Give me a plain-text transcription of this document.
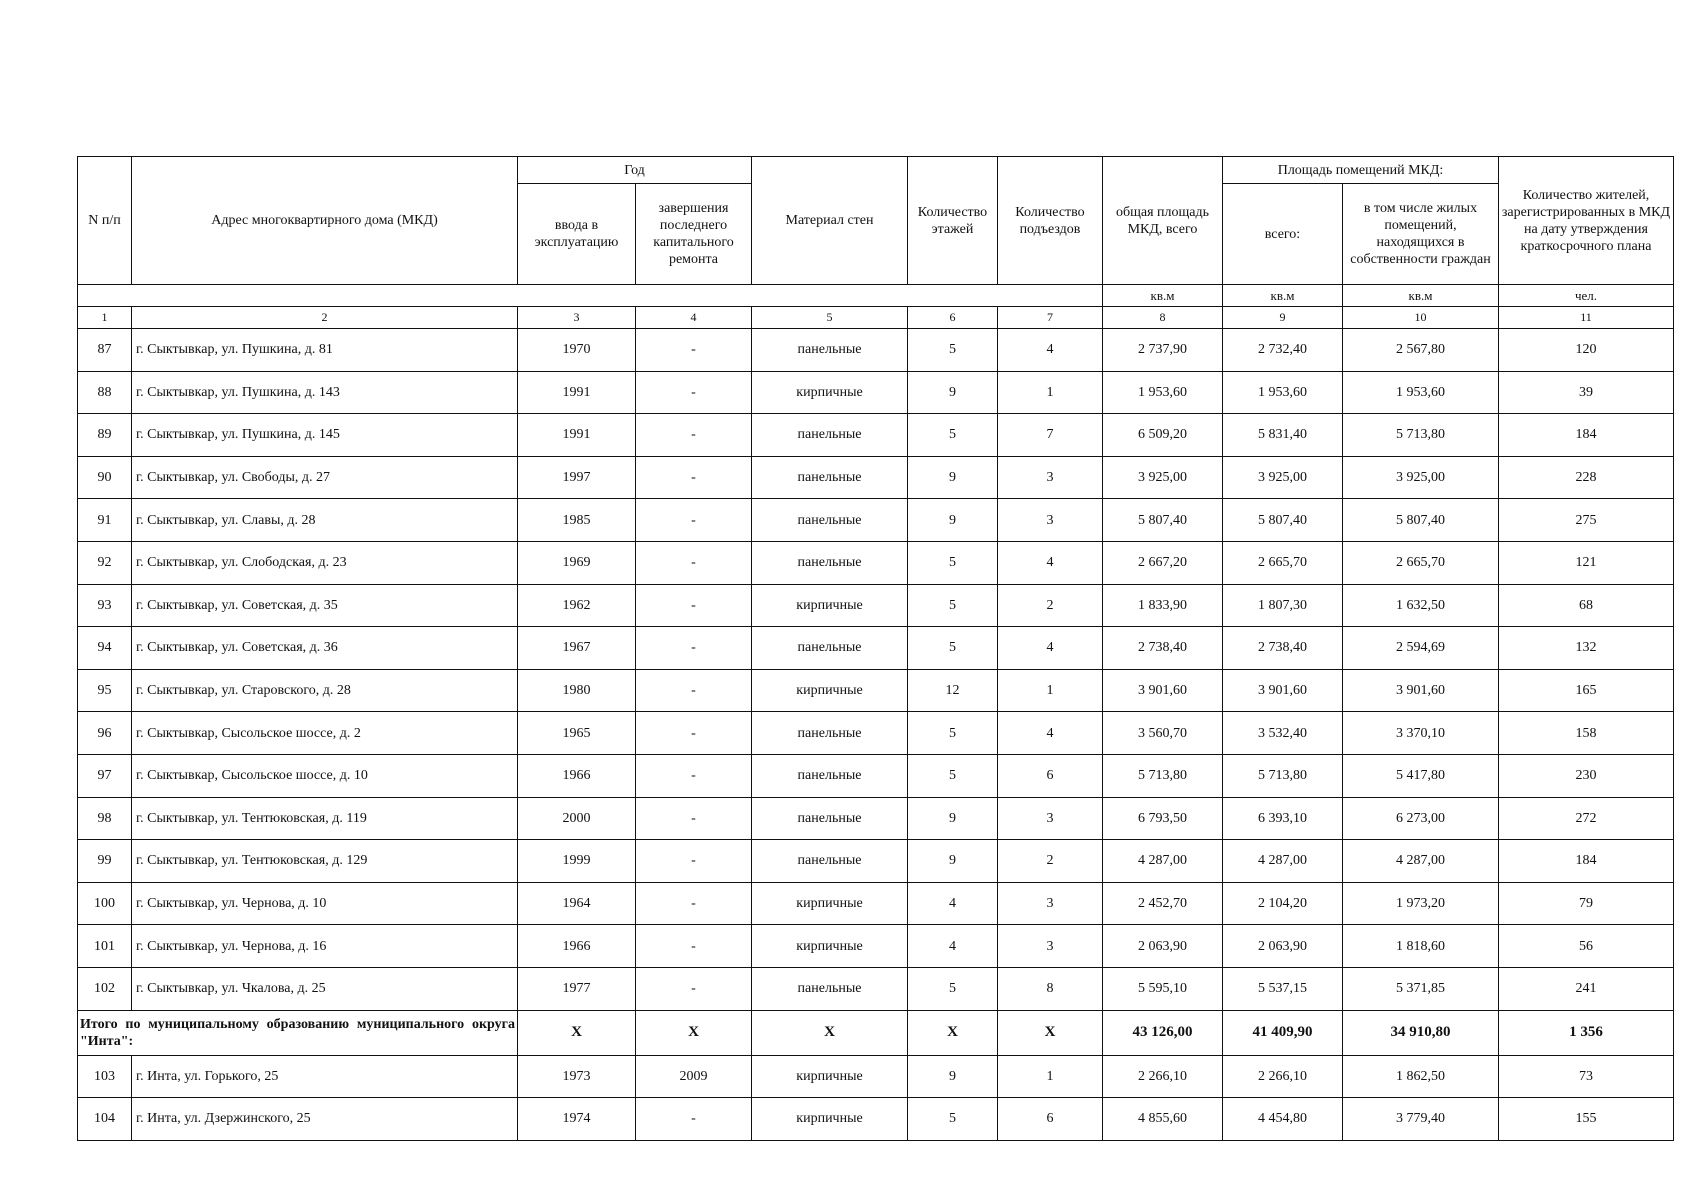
N п/п	Адрес многоквартирного дома (МКД)	Год		Материал стен	Количество этажей	Количество подъездов	общая площадь МКД, всего	Площадь помещений МКД:		Количество жителей, зарегистрированных в МКД на дату утверждения краткосрочного плана
		ввода в эксплуатацию	завершения последнего капитального ремонта					всего:	в том числе жилых помещений, находящихся в собственности граждан	
							кв.м	кв.м	кв.м	чел.
1	2	3	4	5	6	7	8	9	10	11
87	г. Сыктывкар, ул. Пушкина, д. 81	1970	-	панельные	5	4	2 737,90	2 732,40	2 567,80	120
88	г. Сыктывкар, ул. Пушкина, д. 143	1991	-	кирпичные	9	1	1 953,60	1 953,60	1 953,60	39
89	г. Сыктывкар, ул. Пушкина, д. 145	1991	-	панельные	5	7	6 509,20	5 831,40	5 713,80	184
90	г. Сыктывкар, ул. Свободы, д. 27	1997	-	панельные	9	3	3 925,00	3 925,00	3 925,00	228
91	г. Сыктывкар, ул. Славы, д. 28	1985	-	панельные	9	3	5 807,40	5 807,40	5 807,40	275
92	г. Сыктывкар, ул. Слободская, д. 23	1969	-	панельные	5	4	2 667,20	2 665,70	2 665,70	121
93	г. Сыктывкар, ул. Советская, д. 35	1962	-	кирпичные	5	2	1 833,90	1 807,30	1 632,50	68
94	г. Сыктывкар, ул. Советская, д. 36	1967	-	панельные	5	4	2 738,40	2 738,40	2 594,69	132
95	г. Сыктывкар, ул. Старовского, д. 28	1980	-	кирпичные	12	1	3 901,60	3 901,60	3 901,60	165
96	г. Сыктывкар, Сысольское шоссе, д. 2	1965	-	панельные	5	4	3 560,70	3 532,40	3 370,10	158
97	г. Сыктывкар, Сысольское шоссе, д. 10	1966	-	панельные	5	6	5 713,80	5 713,80	5 417,80	230
98	г. Сыктывкар, ул. Тентюковская, д. 119	2000	-	панельные	9	3	6 793,50	6 393,10	6 273,00	272
99	г. Сыктывкар, ул. Тентюковская, д. 129	1999	-	панельные	9	2	4 287,00	4 287,00	4 287,00	184
100	г. Сыктывкар, ул. Чернова, д. 10	1964	-	кирпичные	4	3	2 452,70	2 104,20	1 973,20	79
101	г. Сыктывкар, ул. Чернова, д. 16	1966	-	кирпичные	4	3	2 063,90	2 063,90	1 818,60	56
102	г. Сыктывкар, ул. Чкалова, д. 25	1977	-	панельные	5	8	5 595,10	5 537,15	5 371,85	241
Итого по муниципальному образованию муниципального округа "Инта":		X	X	X	X	X	43 126,00	41 409,90	34 910,80	1 356
103	г. Инта, ул. Горького, 25	1973	2009	кирпичные	9	1	2 266,10	2 266,10	1 862,50	73
104	г. Инта, ул. Дзержинского, 25	1974	-	кирпичные	5	6	4 855,60	4 454,80	3 779,40	155
